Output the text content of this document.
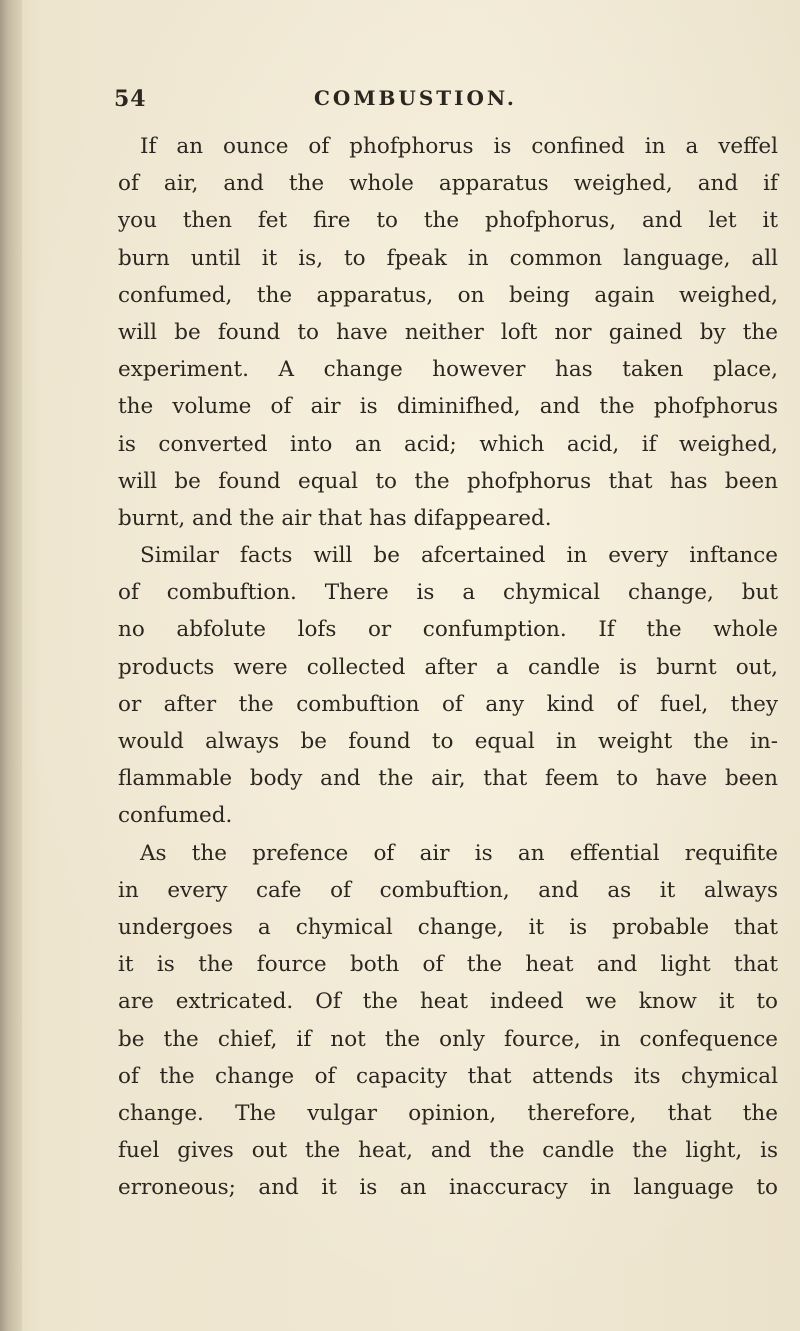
54	COMBUSTION.
If an ounce of phofphorus is confined in a veffel
of air, and the whole apparatus weighed, and if
you then fet fire to the phofphorus, and let it
burn until it is, to fpeak in common language, all
confumed, the apparatus, on being again weighed,
will be found to have neither loft nor gained by the
experiment. A change however has taken place,
the volume of air is diminifhed, and the phofphorus
is converted into an acid; which acid, if weighed,
will be found equal to the phofphorus that has been
burnt, and the air that has difappeared.
Similar facts will be afcertained in every inftance
of combuftion. There is a chymical change, but
no abfolute lofs or confumption. If the whole
products were collected after a candle is burnt out,
or after the combuftion of any kind of fuel, they
would always be found to equal in weight the in-
flammable body and the air, that feem to have been
confumed.
As the prefence of air is an effential requifite
in every cafe of combuftion, and as it always
undergoes a chymical change, it is probable that
it is the fource both of the heat and light that
are extricated. Of the heat indeed we know it to
be the chief, if not the only fource, in confequence
of the change of capacity that attends its chymical
change. The vulgar opinion, therefore, that the
fuel gives out the heat, and the candle the light, is
erroneous; and it is an inaccuracy in language to
